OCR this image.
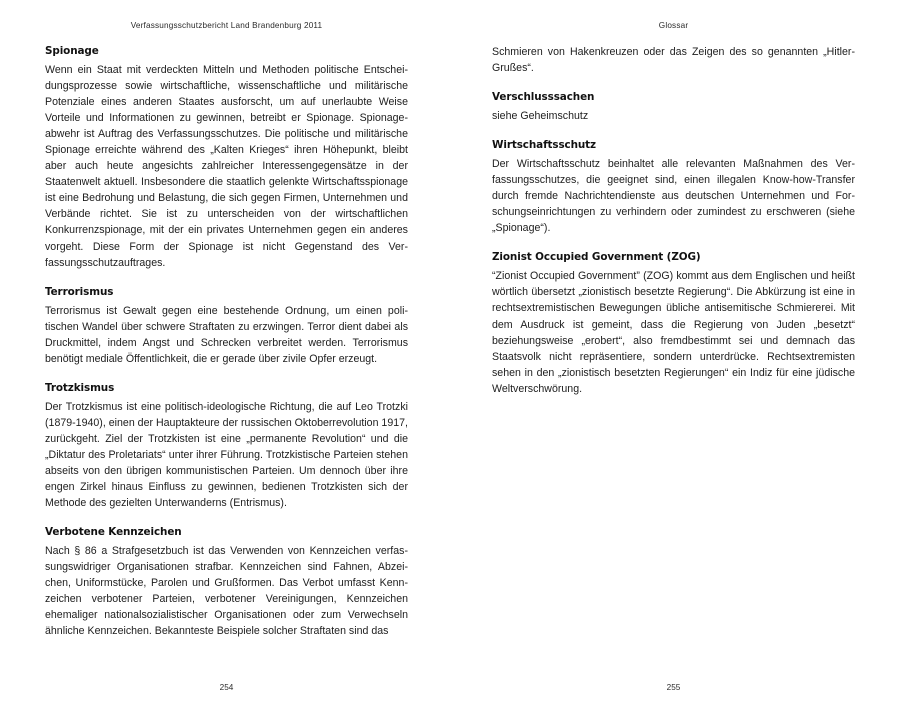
Verfassungsschutzbericht Land Brandenburg 2011	Glossar
Spionage

Wenn ein Staat mit verdeckten Mitteln und Methoden politische Entscheidungsprozesse sowie wirtschaftliche, wissenschaftliche und militärische Potenziale eines anderen Staates ausforscht, um auf unerlaubte Weise Vorteile und Informationen zu gewinnen, betreibt er Spionage. Spionageabwehr ist Auftrag des Verfassungsschutzes. Die politische und militärische Spionage erreichte während des „Kalten Krieges“ ihren Höhepunkt, bleibt aber auch heute angesichts zahlreicher Interessengegensätze in der Staatenwelt aktuell. Insbesondere die staatlich gelenkte Wirtschaftsspionage ist eine Bedrohung und Belastung, die sich gegen Firmen, Unternehmen und Verbände richtet. Sie ist zu unterscheiden von der wirtschaftlichen Konkurrenzspionage, mit der ein privates Unternehmen gegen ein anderes vorgeht. Diese Form der Spionage ist nicht Gegenstand des Verfassungsschutzauftrages.

Terrorismus

Terrorismus ist Gewalt gegen eine bestehende Ordnung, um einen politischen Wandel über schwere Straftaten zu erzwingen. Terror dient dabei als Druckmittel, indem Angst und Schrecken verbreitet werden. Terrorismus benötigt mediale Öffentlichkeit, die er gerade über zivile Opfer erzeugt.

Trotzkismus

Der Trotzkismus ist eine politisch-ideologische Richtung, die auf Leo Trotzki (1879-1940), einen der Hauptakteure der russischen Oktoberrevolution 1917, zurückgeht. Ziel der Trotzkisten ist eine „permanente Revolution“ und die „Diktatur des Proletariats“ unter ihrer Führung. Trotzkistische Parteien stehen abseits von den übrigen kommunistischen Parteien. Um dennoch über ihre engen Zirkel hinaus Einfluss zu gewinnen, bedienen Trotzkisten sich der Methode des gezielten Unterwanderns (Entrismus).

Verbotene Kennzeichen

Nach § 86 a Strafgesetzbuch ist das Verwenden von Kennzeichen verfassungswidriger Organisationen strafbar. Kennzeichen sind Fahnen, Abzeichen, Uniformstücke, Parolen und Grußformen. Das Verbot umfasst Kennzeichen verbotener Parteien, verbotener Vereinigungen, Kennzeichen ehemaliger nationalsozialistischer Organisationen oder zum Verwechseln ähnliche Kennzeichen. Bekannteste Beispiele solcher Straftaten sind das

Schmieren von Hakenkreuzen oder das Zeigen des so genannten „HitlerGrußes“.

Verschlusssachen

siehe Geheimschutz

Wirtschaftsschutz

Der Wirtschaftsschutz beinhaltet alle relevanten Maßnahmen des Verfassungsschutzes, die geeignet sind, einen illegalen Know-how-Transfer durch fremde Nachrichtendienste aus deutschen Unternehmen und Forschungseinrichtungen zu verhindern oder zumindest zu erschweren (siehe „Spionage“).

Zionist Occupied Government (ZOG)

“Zionist Occupied Government” (ZOG) kommt aus dem Englischen und heißt wörtlich übersetzt „zionistisch besetzte Regierung“. Die Abkürzung ist eine in rechtsextremistischen Bewegungen übliche antisemitische Schmiererei. Mit dem Ausdruck ist gemeint, dass die Regierung von Juden „besetzt“ beziehungsweise „erobert“, also fremdbestimmt sei und demnach das Staatsvolk nicht repräsentiere, sondern unterdrücke. Rechtsextremisten sehen in den „zionistisch besetzten Regierungen“ ein Indiz für eine jüdische Weltverschwörung.

254	255
